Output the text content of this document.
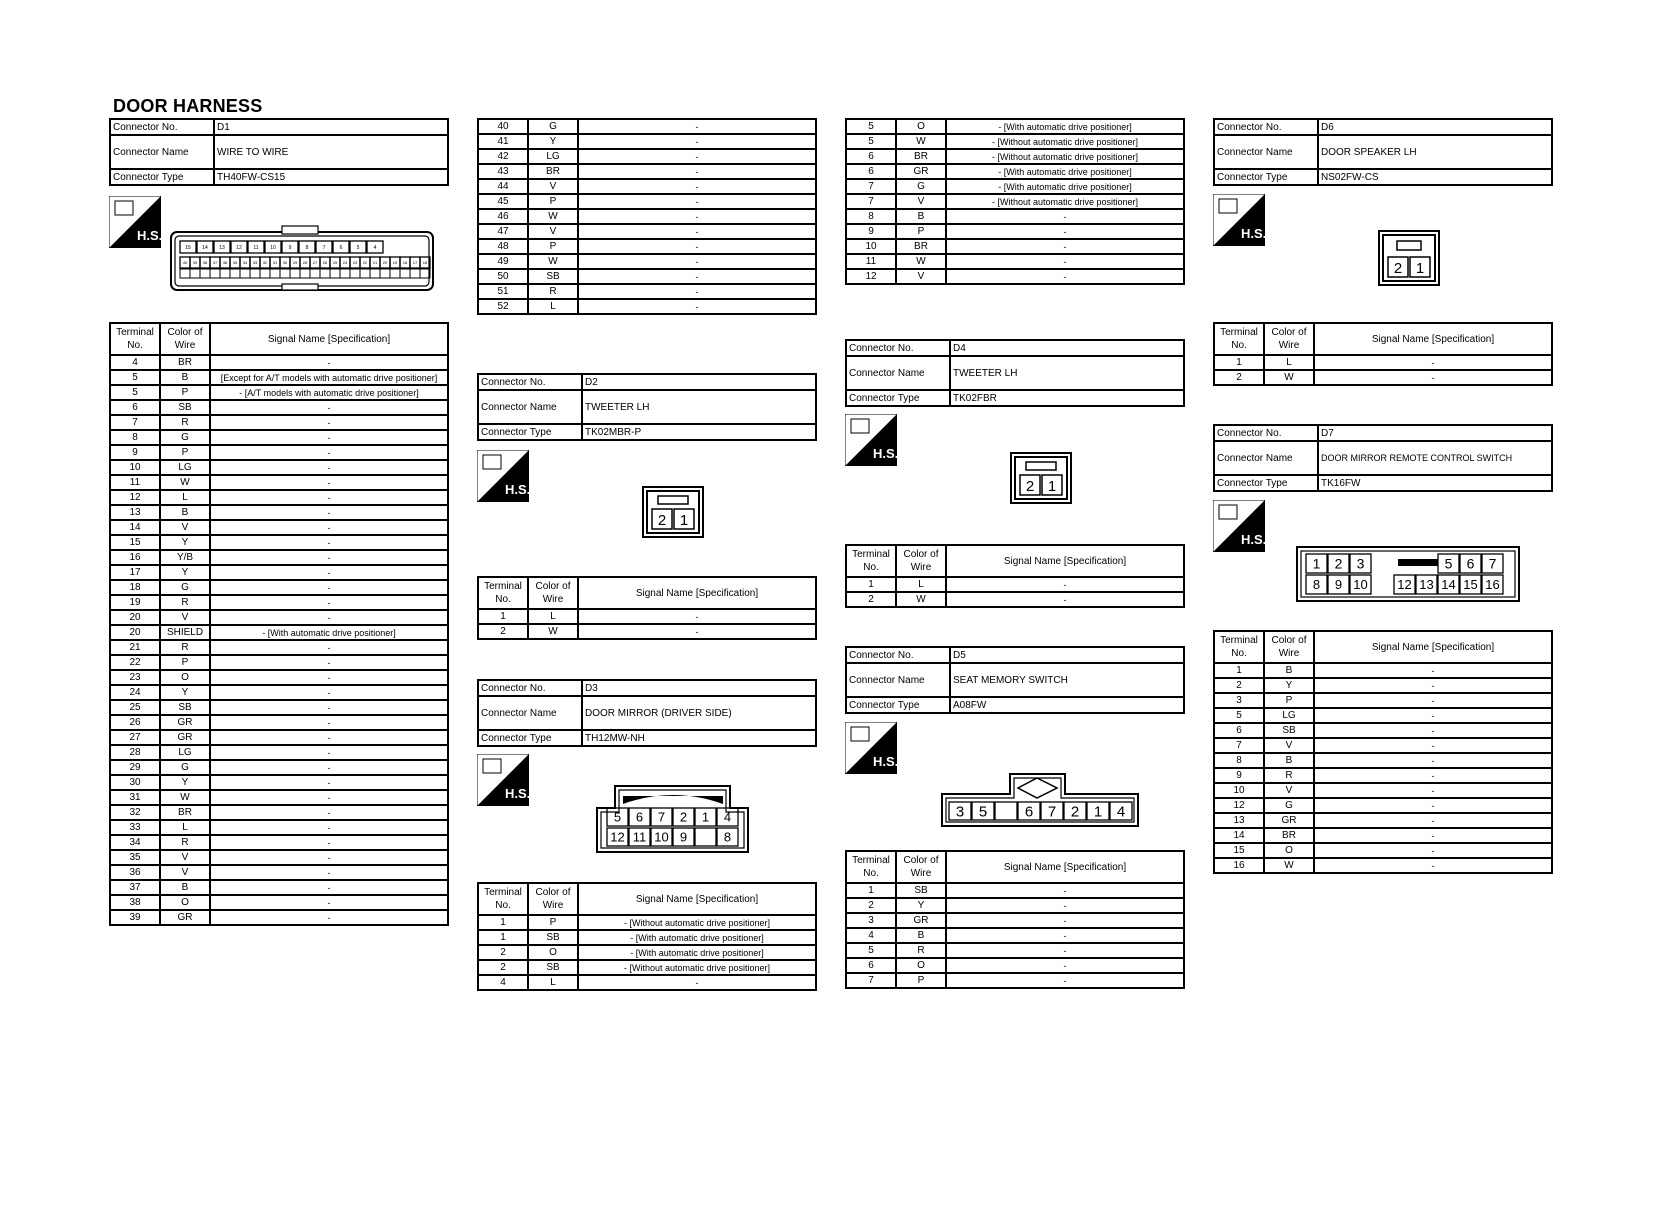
DOOR HARNESS
Connector No.	D1
Connector Name	WIRE TO WIRE
Connector Type	TH40FW-CS15
H.S.
15 14 13 12 11 10	9	8	7	6	5	4
40 39 38 37 36 35 34 33 32 31 30 29 28 27 26 25 24 23 22 21 20 19 18 17 16
Terminal No.	Color of Wire	Signal Name [Specification]
4	BR	-
5	B	[Except for A/T models with automatic drive positioner]
5	P	- [A/T models with automatic drive positioner]
6	SB	-
7	R	-
8	G	-
9	P	-
10	LG	-
11	W	-
12	L	-
13	B	-
14	V	-
15	Y	-
16	Y/B	-
17	Y	-
18	G	-
19	R	-
20	V	-
20	SHIELD	- [With automatic drive positioner]
21	R	-
22	P	-
23	O	-
24	Y	-
25	SB	-
26	GR	-
27	GR	-
28	LG	-
29	G	-
30	Y	-
31	W	-
32	BR	-
33	L	-
34	R	-
35	V	-
36	V	-
37	B	-
38	O	-
39	GR	-
40	G	-
41	Y	-
42	LG	-
43	BR	-
44	V	-
45	P	-
46	W	-
47	V	-
48	P	-
49	W	-
50	SB	-
51	R	-
52	L	-
Connector No.	D2
Connector Name	TWEETER LH
Connector Type	TK02MBR-P
H.S.
2 1
Terminal No.	Color of Wire	Signal Name [Specification]
1	L	-
2	W	-
Connector No.	D3
Connector Name	DOOR MIRROR (DRIVER SIDE)
Connector Type	TH12MW-NH
H.S.
5 6 7 2 1 4
12 11 10 9	8
Terminal No.	Color of Wire	Signal Name [Specification]
1	P	- [Without automatic drive positioner]
1	SB	- [With automatic drive positioner]
2	O	- [With automatic drive positioner]
2	SB	- [Without automatic drive positioner]
4	L	-
5	O	- [With automatic drive positioner]
5	W	- [Without automatic drive positioner]
6	BR	- [Without automatic drive positioner]
6	GR	- [With automatic drive positioner]
7	G	- [With automatic drive positioner]
7	V	- [Without automatic drive positioner]
8	B	-
9	P	-
10	BR	-
11	W	-
12	V	-
Connector No.	D4
Connector Name	TWEETER LH
Connector Type	TK02FBR
H.S.
2 1
Terminal No.	Color of Wire	Signal Name [Specification]
1	L	-
2	W	-
Connector No.	D5
Connector Name	SEAT MEMORY SWITCH
Connector Type	A08FW
H.S.
3 5	6 7 2 1 4
Terminal No.	Color of Wire	Signal Name [Specification]
1	SB	-
2	Y	-
3	GR	-
4	B	-
5	R	-
6	O	-
7	P	-
Connector No.	D6
Connector Name	DOOR SPEAKER LH
Connector Type	NS02FW-CS
H.S.
2 1
Terminal No.	Color of Wire	Signal Name [Specification]
1	L	-
2	W	-
Connector No.	D7
Connector Name	DOOR MIRROR REMOTE CONTROL SWITCH
Connector Type	TK16FW
H.S.
1 2 3	5 6 7
8 9 10 12 13 14 15 16
Terminal No.	Color of Wire	Signal Name [Specification]
1	B	-
2	Y	-
3	P	-
5	LG	-
6	SB	-
7	V	-
8	B	-
9	R	-
10	V	-
12	G	-
13	GR	-
14	BR	-
15	O	-
16	W	-
